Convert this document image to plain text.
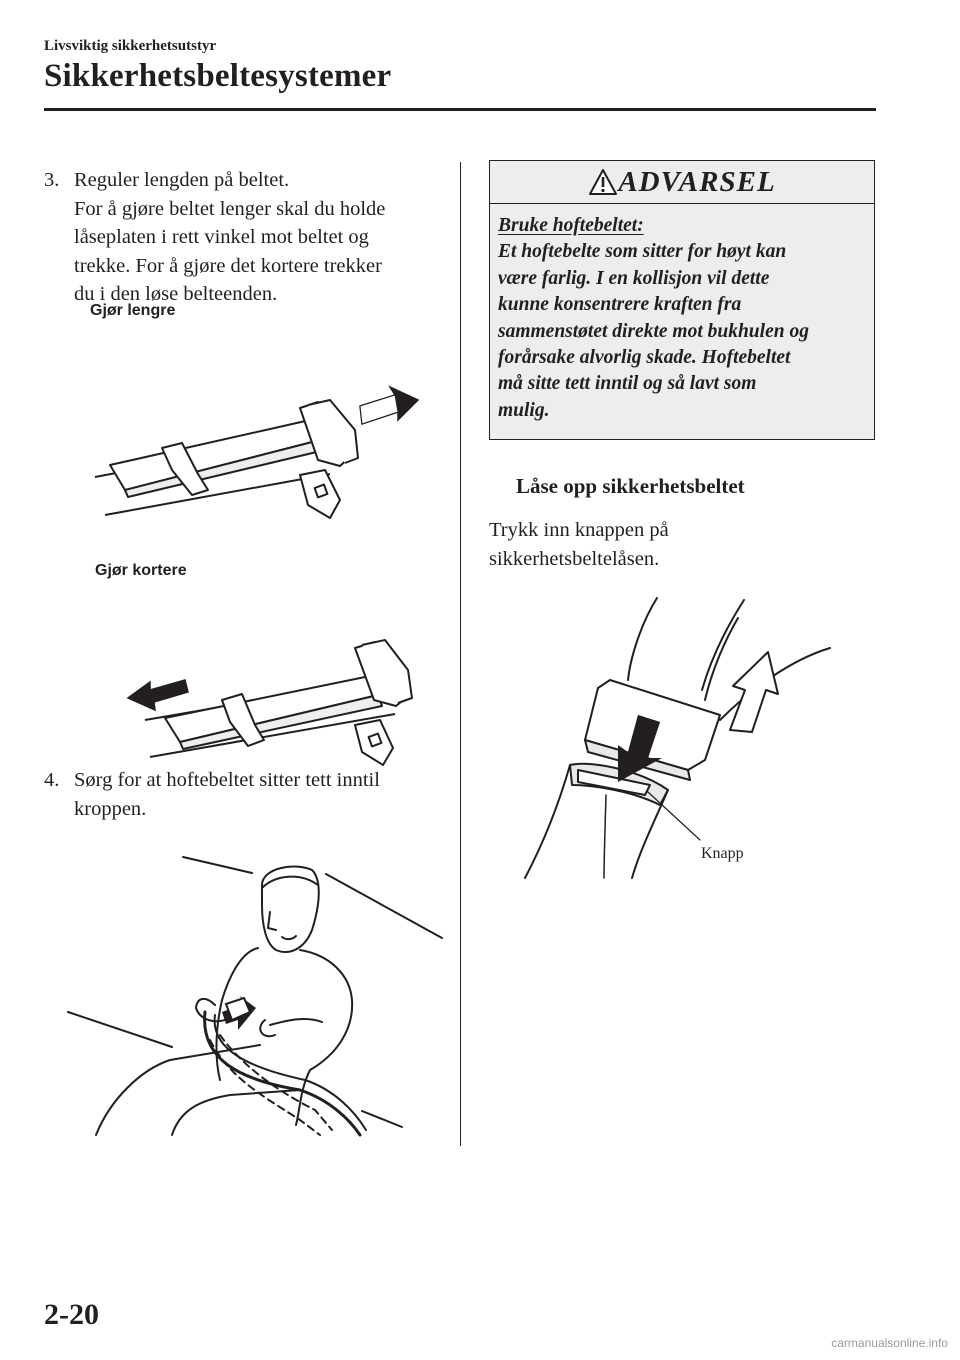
Livsviktig sikkerhetsutstyr
Sikkerhetsbeltesystemer
3. Reguler lengden på beltet.
For å gjøre beltet lenger skal du holde
låseplaten i rett vinkel mot beltet og
trekke. For å gjøre det kortere trekker
du i den løse belteenden.
Gjør lengre
Gjør kortere
4. Sørg for at hoftebeltet sitter tett inntil
kroppen.
ADVARSEL
Bruke hoftebeltet:
Et hoftebelte som sitter for høyt kan
være farlig. I en kollisjon vil dette
kunne konsentrere kraften fra
sammenstøtet direkte mot bukhulen og
forårsake alvorlig skade. Hoftebeltet
må sitte tett inntil og så lavt som
mulig.
Låse opp sikkerhetsbeltet
Trykk inn knappen på
sikkerhetsbeltelåsen.
Knapp
2-20
carmanualsonline.info
